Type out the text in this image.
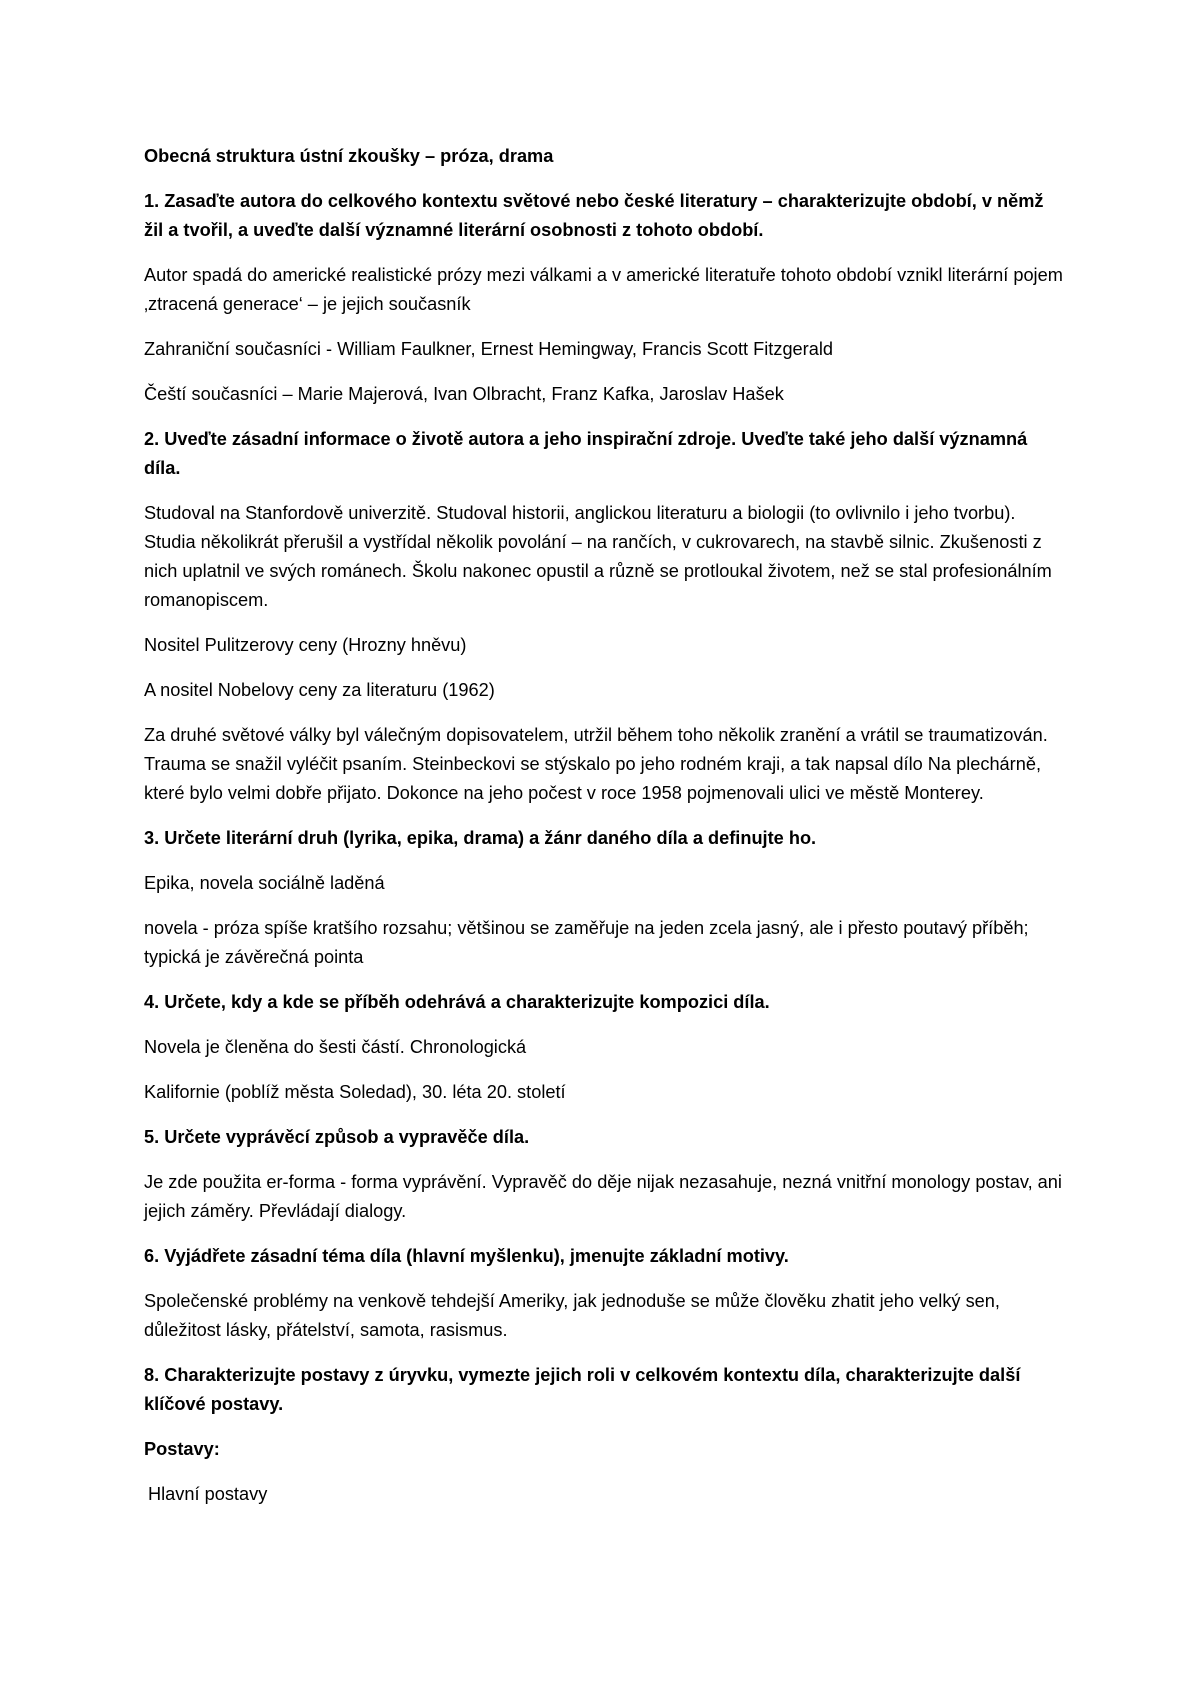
Obecná struktura ústní zkoušky – próza, drama

1. Zasaďte autora do celkového kontextu světové nebo české literatury – charakterizujte období, v němž žil a tvořil, a uveďte další významné literární osobnosti z tohoto období.

Autor spadá do americké realistické prózy mezi válkami a v americké literatuře tohoto období vznikl literární pojem ‚ztracená generace‘ – je jejich současník

Zahraniční současníci - William Faulkner, Ernest Hemingway, Francis Scott Fitzgerald

Čeští současníci – Marie Majerová, Ivan Olbracht, Franz Kafka, Jaroslav Hašek

2. Uveďte zásadní informace o životě autora a jeho inspirační zdroje. Uveďte také jeho další významná díla.

Studoval na Stanfordově univerzitě. Studoval historii, anglickou literaturu a biologii (to ovlivnilo i jeho tvorbu). Studia několikrát přerušil a vystřídal několik povolání – na rančích, v cukrovarech, na stavbě silnic. Zkušenosti z nich uplatnil ve svých románech. Školu nakonec opustil a různě se protloukal životem, než se stal profesionálním romanopiscem.

Nositel Pulitzerovy ceny (Hrozny hněvu)

A nositel Nobelovy ceny za literaturu (1962)

Za druhé světové války byl válečným dopisovatelem, utržil během toho několik zranění a vrátil se traumatizován. Trauma se snažil vyléčit psaním. Steinbeckovi se stýskalo po jeho rodném kraji, a tak napsal dílo Na plechárně, které bylo velmi dobře přijato. Dokonce na jeho počest v roce 1958 pojmenovali ulici ve městě Monterey.

3. Určete literární druh (lyrika, epika, drama) a žánr daného díla a definujte ho.

Epika, novela sociálně laděná

novela - próza spíše kratšího rozsahu; většinou se zaměřuje na jeden zcela jasný, ale i přesto poutavý příběh; typická je závěrečná pointa

4. Určete, kdy a kde se příběh odehrává a charakterizujte kompozici díla.

Novela je členěna do šesti částí. Chronologická

Kalifornie (poblíž města Soledad), 30. léta 20. století

5. Určete vyprávěcí způsob a vypravěče díla.

Je zde použita er-forma - forma vyprávění. Vypravěč do děje nijak nezasahuje, nezná vnitřní monology postav, ani jejich záměry. Převládají dialogy.

6. Vyjádřete zásadní téma díla (hlavní myšlenku), jmenujte základní motivy.

Společenské problémy na venkově tehdejší Ameriky, jak jednoduše se může člověku zhatit jeho velký sen, důležitost lásky, přátelství, samota, rasismus.

8. Charakterizujte postavy z úryvku, vymezte jejich roli v celkovém kontextu díla, charakterizujte další klíčové postavy.

Postavy:

Hlavní postavy
